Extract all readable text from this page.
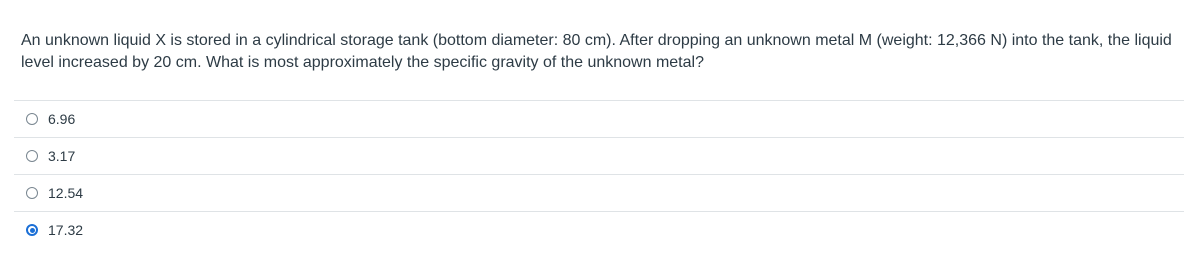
An unknown liquid X is stored in a cylindrical storage tank (bottom diameter: 80 cm). After dropping an unknown metal M (weight: 12,366 N) into the tank, the liquid level increased by 20 cm. What is most approximately the specific gravity of the unknown metal?
6.96
3.17
12.54
17.32
